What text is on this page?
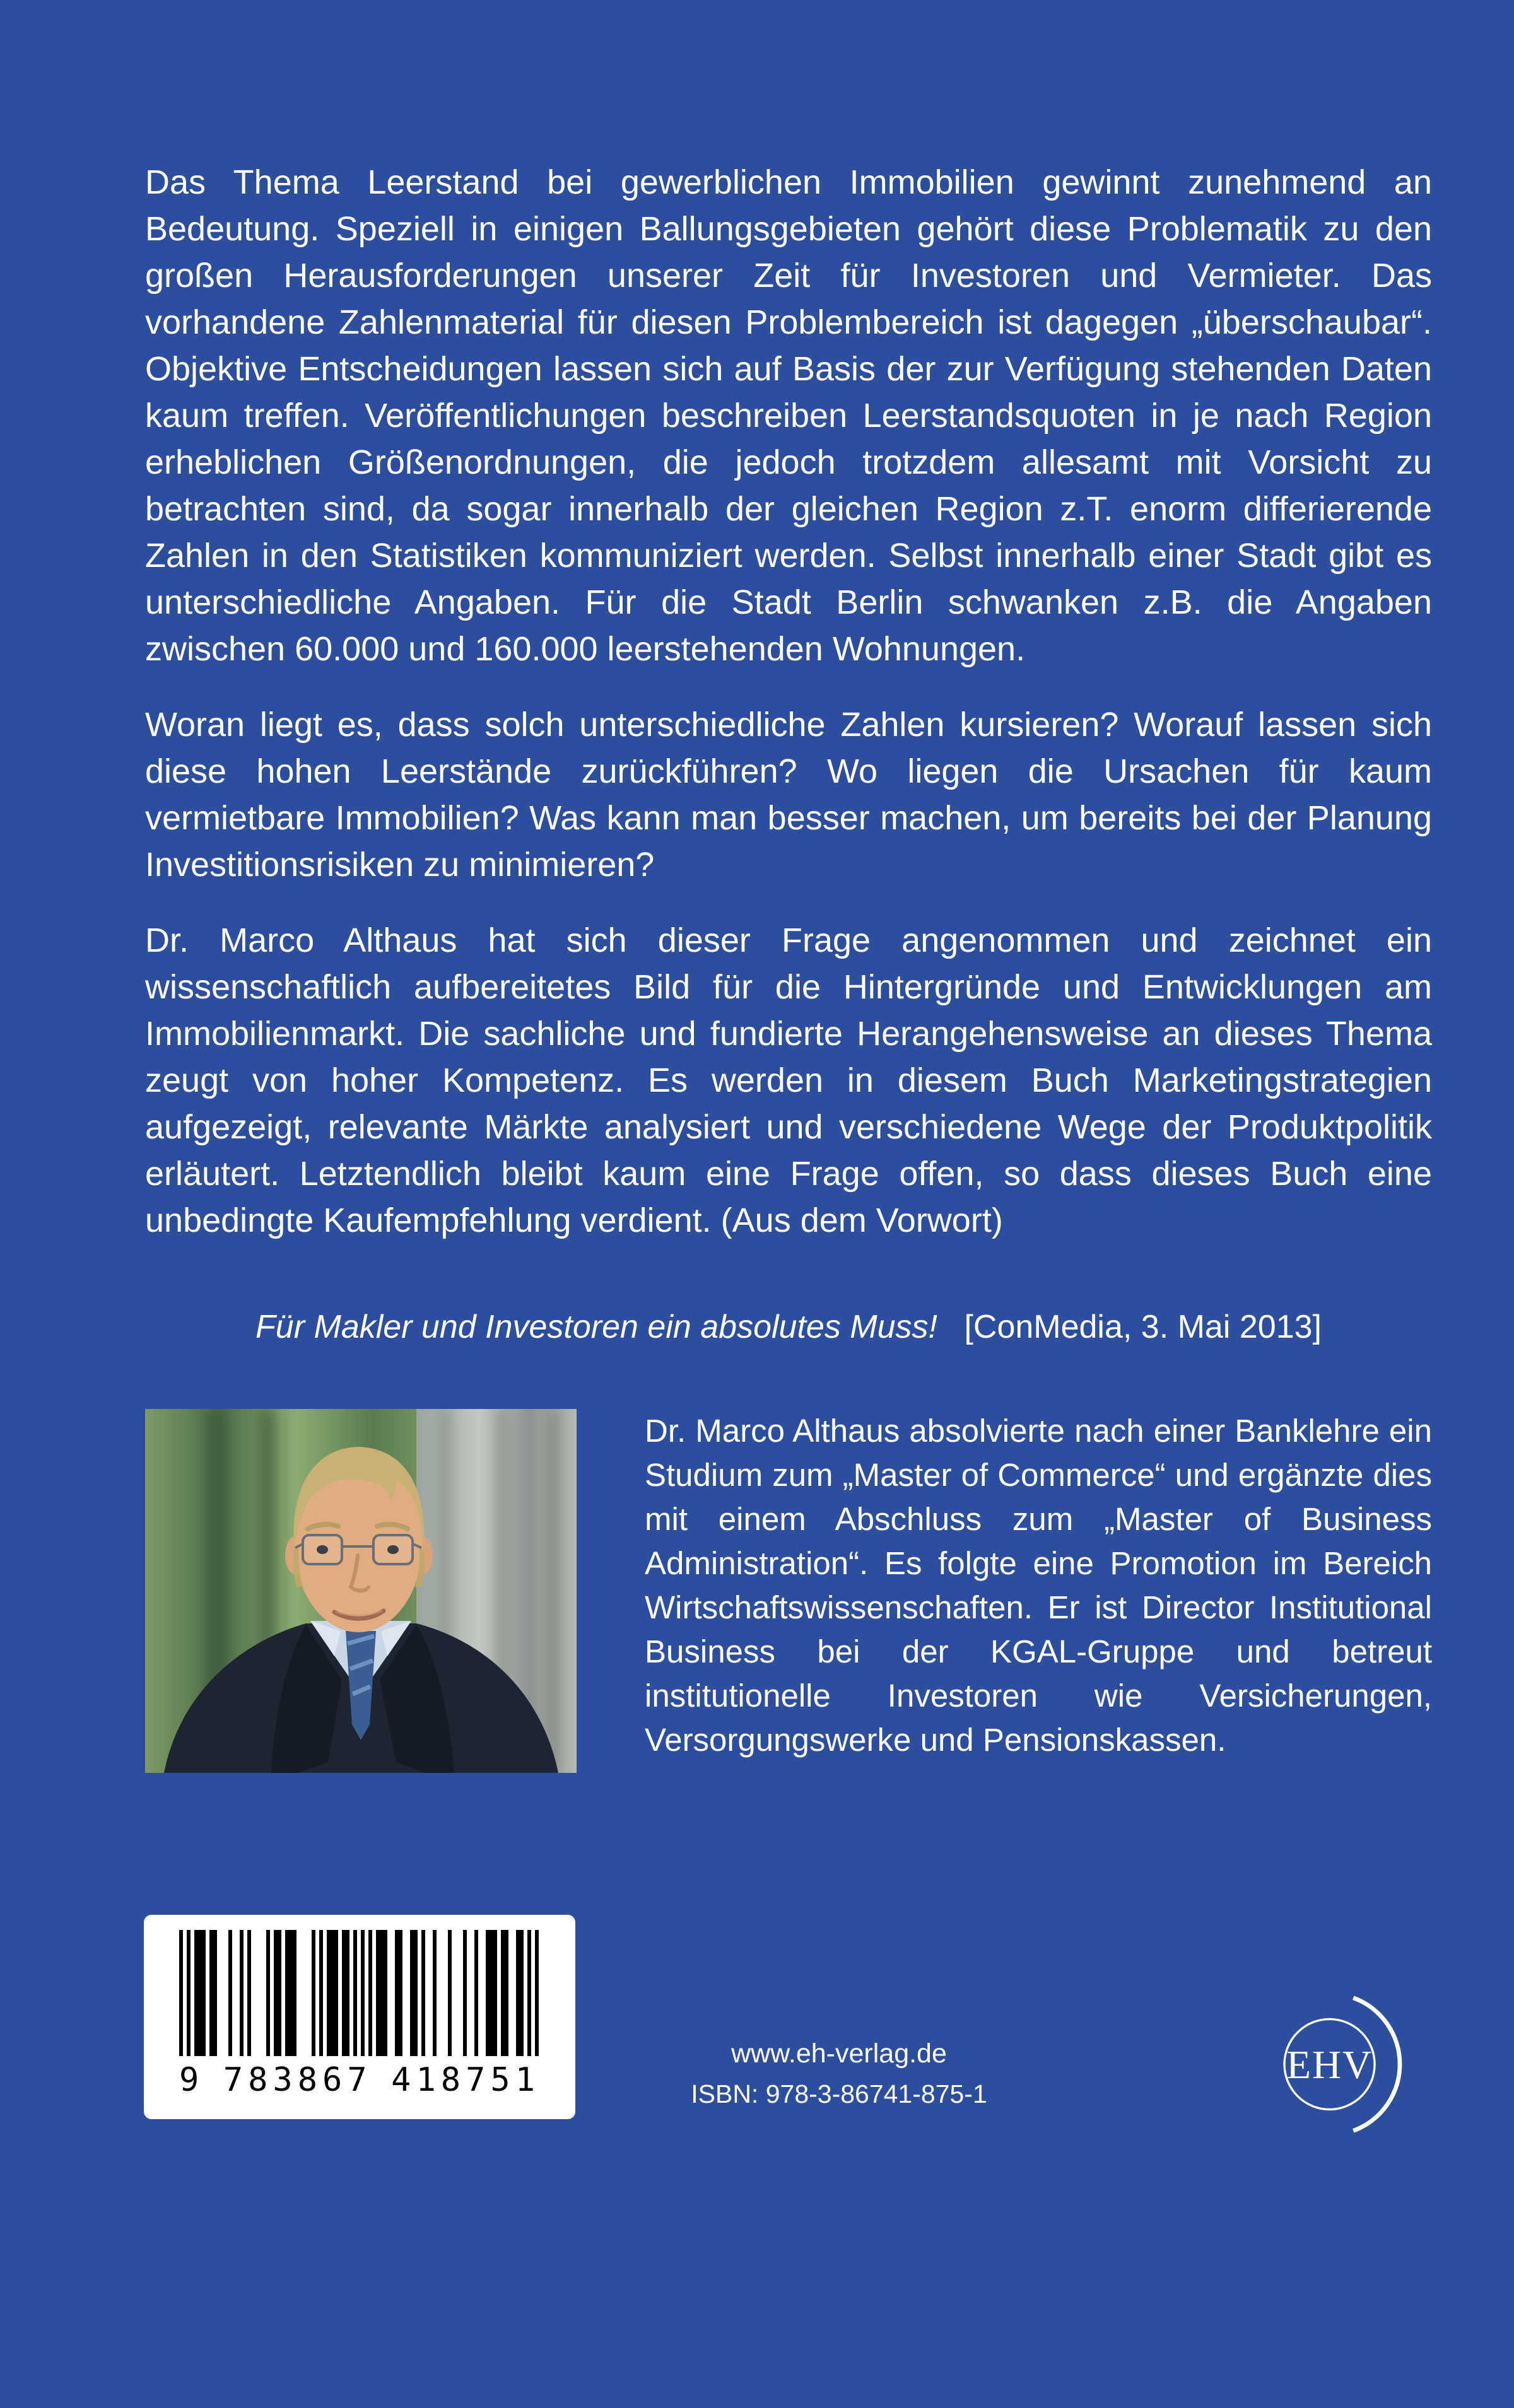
Das Thema Leerstand bei gewerblichen Immobilien gewinnt zunehmend an Bedeutung. Speziell in einigen Ballungsgebieten gehört diese Problematik zu den großen Herausforderungen unserer Zeit für Investoren und Vermieter. Das vorhandene Zahlenmaterial für diesen Problembereich ist dagegen „überschaubar“. Objektive Entscheidungen lassen sich auf Basis der zur Verfügung stehenden Daten kaum treffen. Veröffentlichungen beschreiben Leerstandsquoten in je nach Region erheblichen Größenordnungen, die jedoch trotzdem allesamt mit Vorsicht zu betrachten sind, da sogar innerhalb der gleichen Region z.T. enorm differierende Zahlen in den Statistiken kommuniziert werden. Selbst innerhalb einer Stadt gibt es unterschiedliche Angaben. Für die Stadt Berlin schwanken z.B. die Angaben zwischen 60.000 und 160.000 leerstehenden Wohnungen.

Woran liegt es, dass solch unterschiedliche Zahlen kursieren? Worauf lassen sich diese hohen Leerstände zurückführen? Wo liegen die Ursachen für kaum vermietbare Immobilien? Was kann man besser machen, um bereits bei der Planung Investitionsrisiken zu minimieren?

Dr. Marco Althaus hat sich dieser Frage angenommen und zeichnet ein wissenschaftlich aufbereitetes Bild für die Hintergründe und Entwicklungen am Immobilienmarkt. Die sachliche und fundierte Herangehensweise an dieses Thema zeugt von hoher Kompetenz. Es werden in diesem Buch Marketingstrategien aufgezeigt, relevante Märkte analysiert und verschiedene Wege der Produktpolitik erläutert. Letztendlich bleibt kaum eine Frage offen, so dass dieses Buch eine unbedingte Kaufempfehlung verdient. (Aus dem Vorwort)

Für Makler und Investoren ein absolutes Muss! [ConMedia, 3. Mai 2013]

Dr. Marco Althaus absolvierte nach einer Banklehre ein Studium zum „Master of Commerce“ und ergänzte dies mit einem Abschluss zum „Master of Business Administration“. Es folgte eine Promotion im Bereich Wirtschaftswissenschaften. Er ist Director Institutional Business bei der KGAL-Gruppe und betreut institutionelle Investoren wie Versicherungen, Versorgungswerke und Pensionskassen.

9 783867 418751
www.eh-verlag.de
ISBN: 978-3-86741-875-1
EHV
